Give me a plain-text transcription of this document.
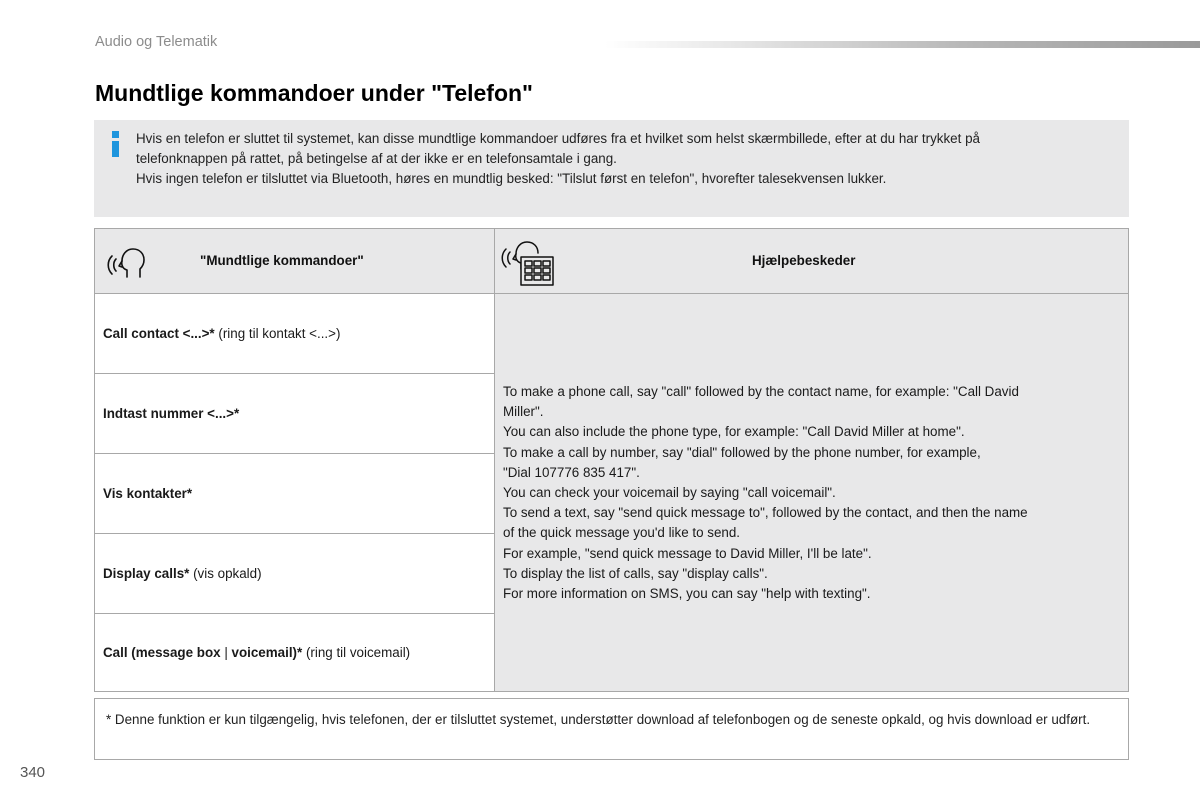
Audio og Telematik
Mundtlige kommandoer under "Telefon"

Hvis en telefon er sluttet til systemet, kan disse mundtlige kommandoer udføres fra et hvilket som helst skærmbillede, efter at du har trykket på

telefonknappen på rattet, på betingelse af at der ikke er en telefonsamtale i gang.

Hvis ingen telefon er tilsluttet via Bluetooth, høres en mundtlig besked: "Tilslut først en telefon", hvorefter talesekvensen lukker.

"Mundtlige kommandoer"	Hjælpebeskeder
Call contact <...>* (ring til kontakt <...>)
Indtast nummer <...>*
Vis kontakter*
Display calls* (vis opkald)
Call (message box | voicemail)* (ring til voicemail)

To make a phone call, say "call" followed by the contact name, for example: "Call David

Miller".

You can also include the phone type, for example: "Call David Miller at home".

To make a call by number, say "dial" followed by the phone number, for example,

"Dial 107776 835 417".

You can check your voicemail by saying "call voicemail".

To send a text, say "send quick message to", followed by the contact, and then the name

of the quick message you'd like to send.

For example, "send quick message to David Miller, I'll be late".

To display the list of calls, say "display calls".

For more information on SMS, you can say "help with texting".

* Denne funktion er kun tilgængelig, hvis telefonen, der er tilsluttet systemet, understøtter download af telefonbogen og de seneste opkald, og hvis download er udført.
340
